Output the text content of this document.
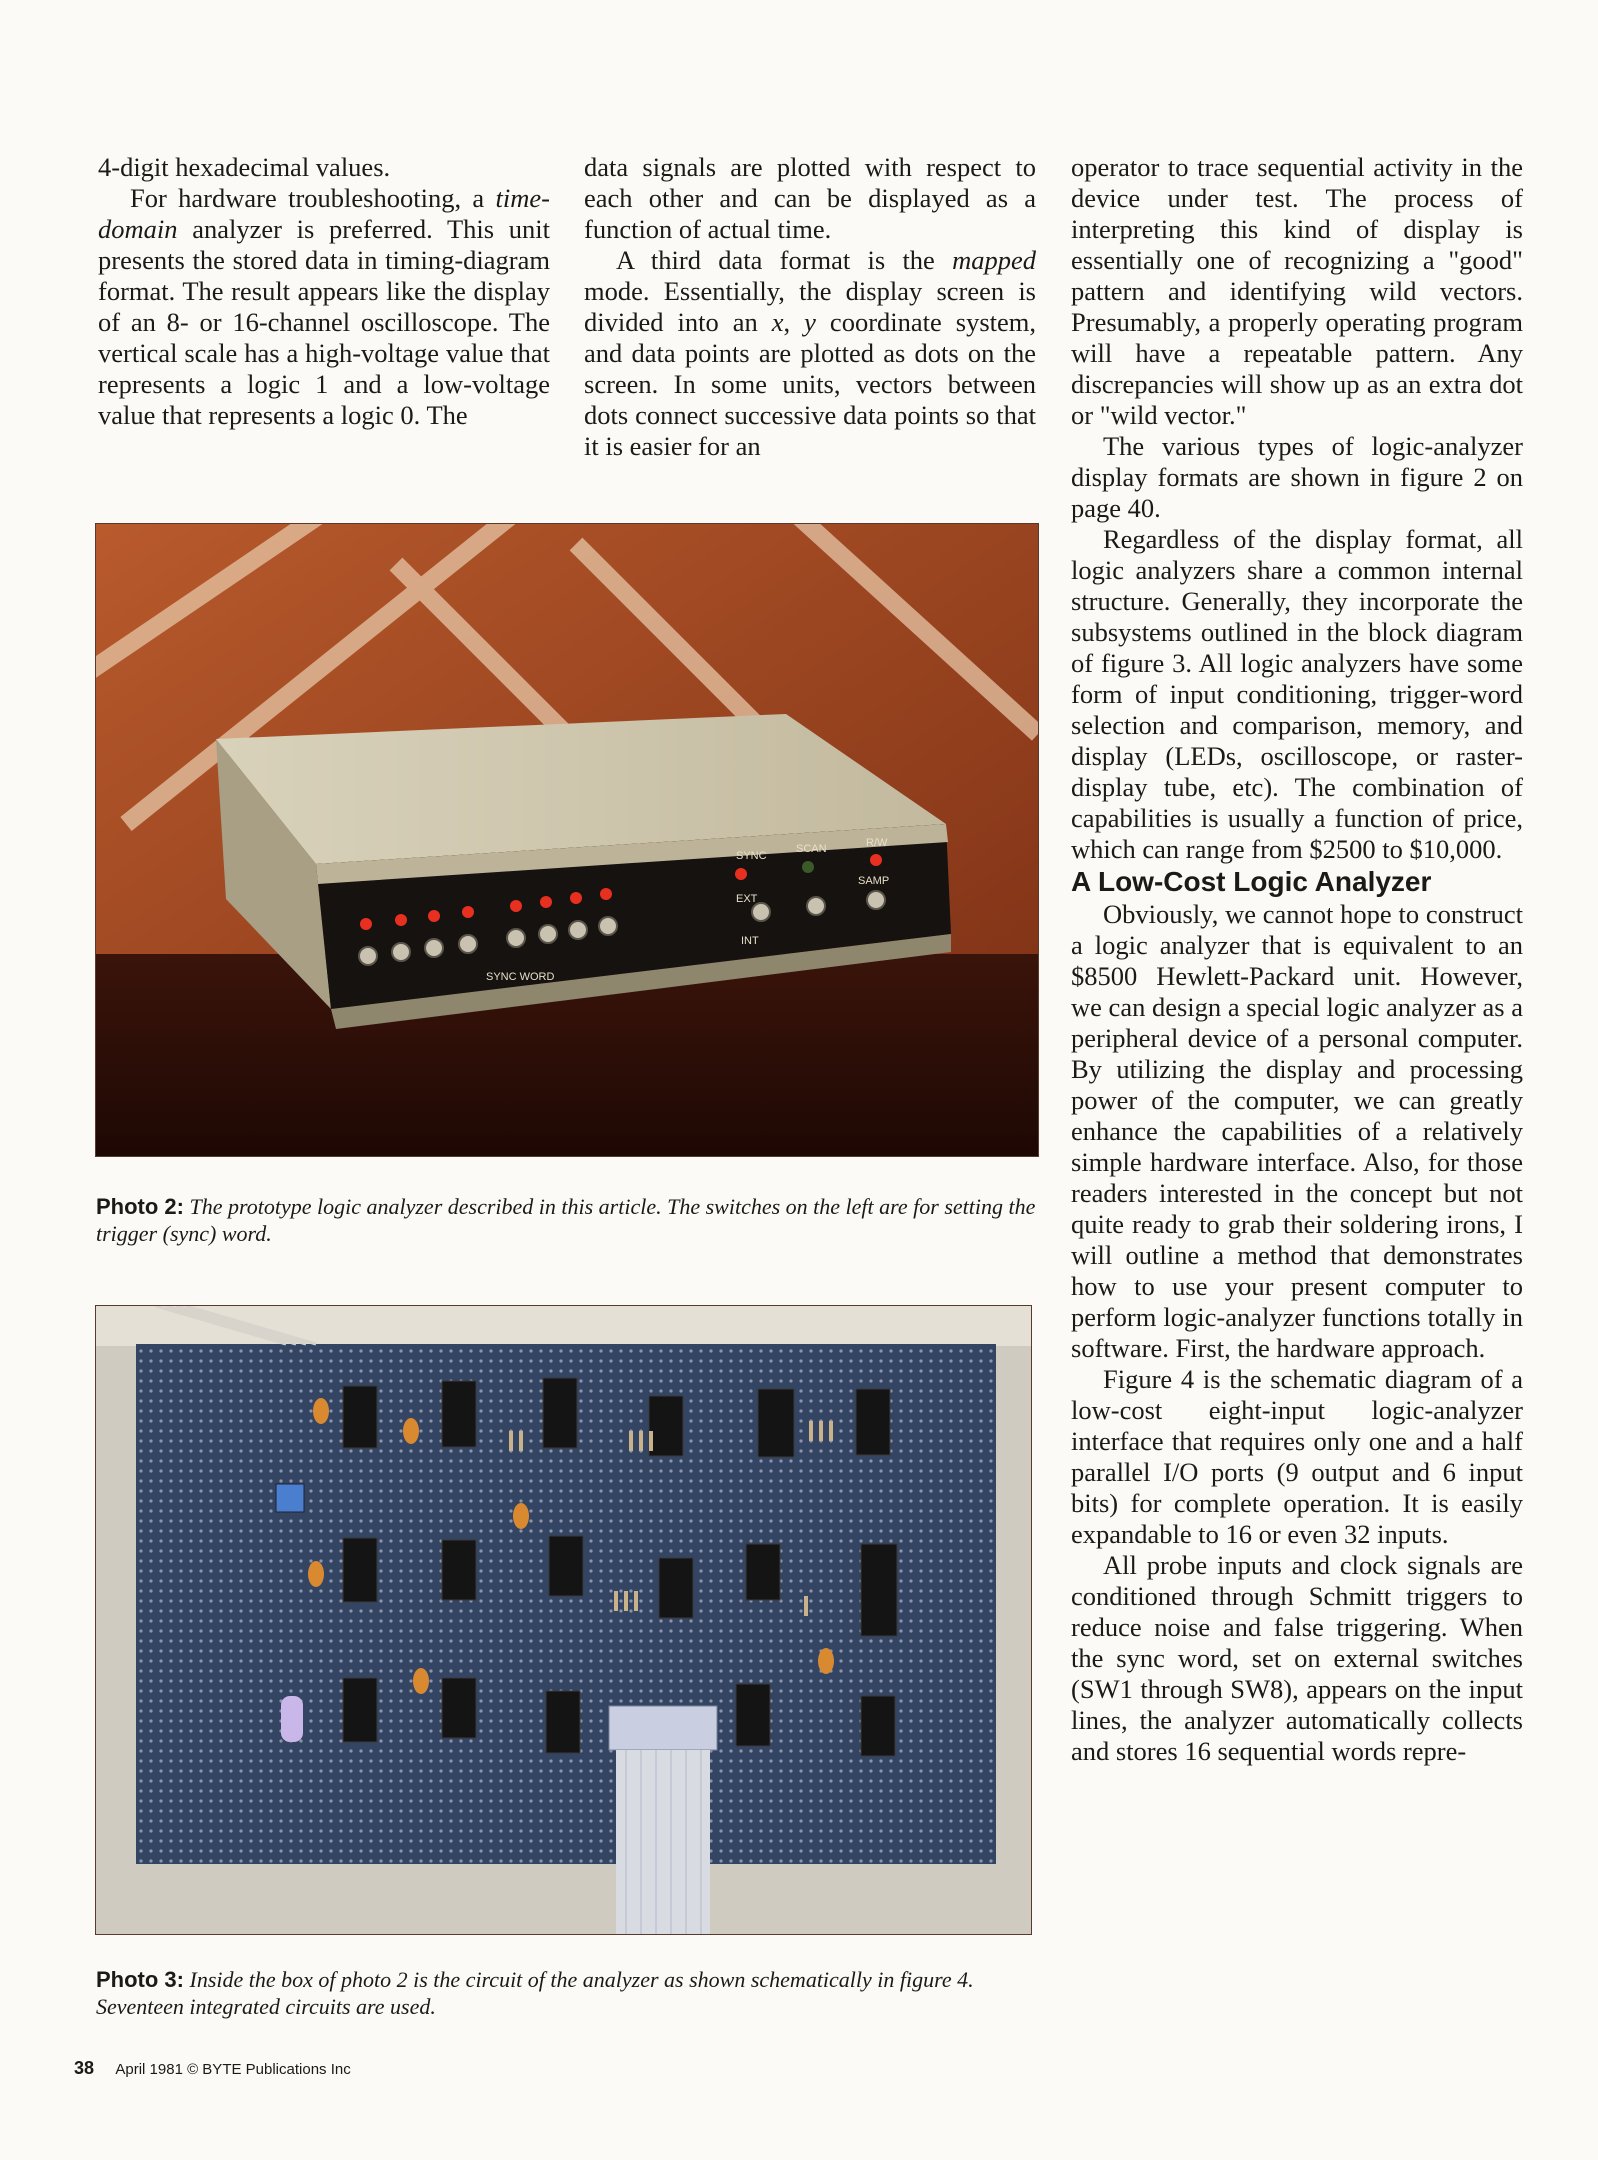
4-digit hexadecimal values.

For hardware troubleshooting, a time-domain analyzer is preferred. This unit presents the stored data in timing-diagram format. The result appears like the display of an 8- or 16-channel oscilloscope. The vertical scale has a high-voltage value that represents a logic 1 and a low-voltage value that represents a logic 0. The

data signals are plotted with respect to each other and can be displayed as a function of actual time.

A third data format is the mapped mode. Essentially, the display screen is divided into an x, y coordinate system, and data points are plotted as dots on the screen. In some units, vectors between dots connect successive data points so that it is easier for an

operator to trace sequential activity in the device under test. The process of interpreting this kind of display is essentially one of recognizing a "good" pattern and identifying wild vectors. Presumably, a properly operating program will have a repeatable pattern. Any discrepancies will show up as an extra dot or "wild vector."

The various types of logic-analyzer display formats are shown in figure 2 on page 40.

Regardless of the display format, all logic analyzers share a common internal structure. Generally, they incorporate the subsystems outlined in the block diagram of figure 3. All logic analyzers have some form of input conditioning, trigger-word selection and comparison, memory, and display (LEDs, oscilloscope, or raster-display tube, etc). The combination of capabilities is usually a function of price, which can range from $2500 to $10,000.

A Low-Cost Logic Analyzer

Obviously, we cannot hope to construct a logic analyzer that is equivalent to an $8500 Hewlett-Packard unit. However, we can design a special logic analyzer as a peripheral device of a personal computer. By utilizing the display and processing power of the computer, we can greatly enhance the capabilities of a relatively simple hardware interface. Also, for those readers interested in the concept but not quite ready to grab their soldering irons, I will outline a method that demonstrates how to use your present computer to perform logic-analyzer functions totally in software. First, the hardware approach.

Figure 4 is the schematic diagram of a low-cost eight-input logic-analyzer interface that requires only one and a half parallel I/O ports (9 output and 6 input bits) for complete operation. It is easily expandable to 16 or even 32 inputs.

All probe inputs and clock signals are conditioned through Schmitt triggers to reduce noise and false triggering. When the sync word, set on external switches (SW1 through SW8), appears on the input lines, the analyzer automatically collects and stores 16 sequential words repre-

SYNC
SCAN	R/W
EXT
INT
SAMP
SYNC WORD
Photo 2: The prototype logic analyzer described in this article. The switches on the left are for setting the trigger (sync) word.
Photo 3: Inside the box of photo 2 is the circuit of the analyzer as shown schematically in figure 4. Seventeen integrated circuits are used.
38 April 1981 © BYTE Publications Inc
